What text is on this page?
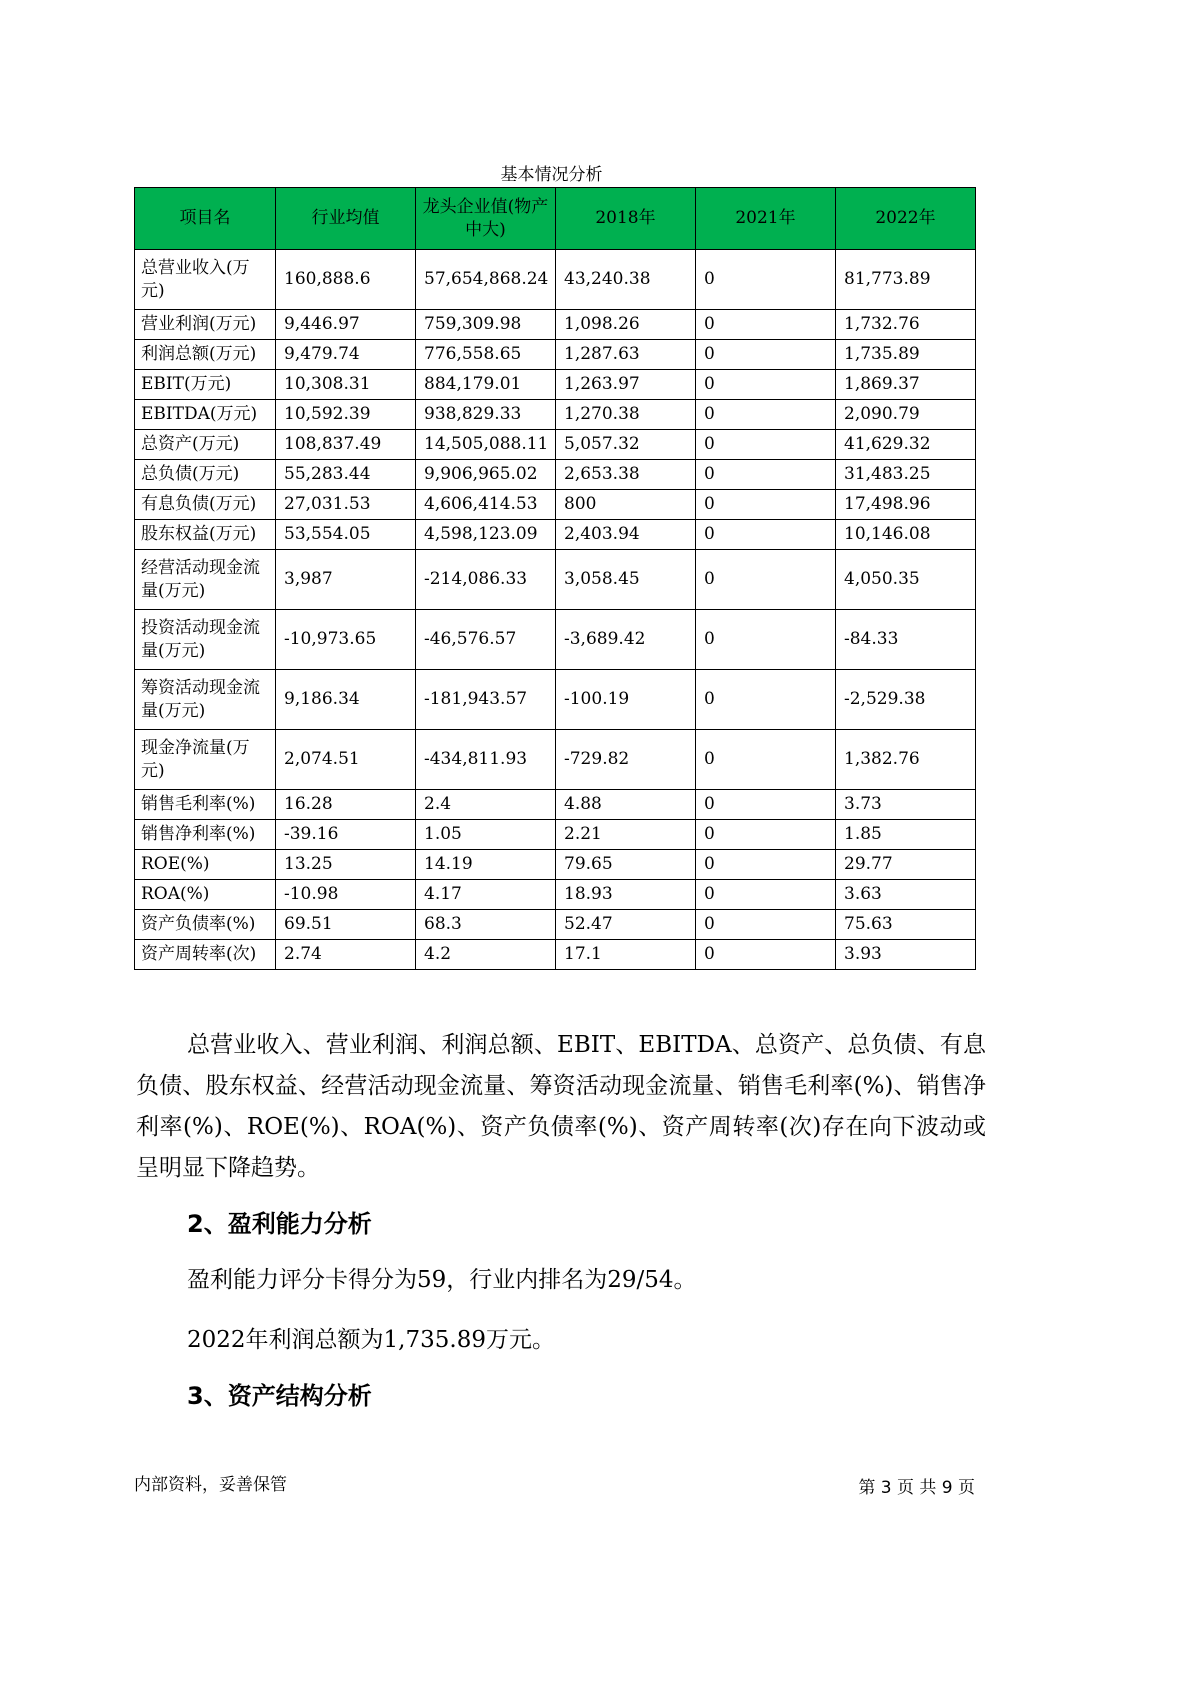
基本情况分析
项目名	行业均值	龙头企业值(物产中大)	2018年	2021年	2022年
总营业收入(万元)	160,888.6	57,654,868.24	43,240.38	0	81,773.89
营业利润(万元)	9,446.97	759,309.98	1,098.26	0	1,732.76
利润总额(万元)	9,479.74	776,558.65	1,287.63	0	1,735.89
EBIT(万元)	10,308.31	884,179.01	1,263.97	0	1,869.37
EBITDA(万元)	10,592.39	938,829.33	1,270.38	0	2,090.79
总资产(万元)	108,837.49	14,505,088.11	5,057.32	0	41,629.32
总负债(万元)	55,283.44	9,906,965.02	2,653.38	0	31,483.25
有息负债(万元)	27,031.53	4,606,414.53	800	0	17,498.96
股东权益(万元)	53,554.05	4,598,123.09	2,403.94	0	10,146.08
经营活动现金流量(万元)	3,987	-214,086.33	3,058.45	0	4,050.35
投资活动现金流量(万元)	-10,973.65	-46,576.57	-3,689.42	0	-84.33
筹资活动现金流量(万元)	9,186.34	-181,943.57	-100.19	0	-2,529.38
现金净流量(万元)	2,074.51	-434,811.93	-729.82	0	1,382.76
销售毛利率(%)	16.28	2.4	4.88	0	3.73
销售净利率(%)	-39.16	1.05	2.21	0	1.85
ROE(%)	13.25	14.19	79.65	0	29.77
ROA(%)	-10.98	4.17	18.93	0	3.63
资产负债率(%)	69.51	68.3	52.47	0	75.63
资产周转率(次)	2.74	4.2	17.1	0	3.93
总营业收入、营业利润、利润总额、EBIT、EBITDA、总资产、总负债、有息负债、股东权益、经营活动现金流量、筹资活动现金流量、销售毛利率(%)、销售净利率(%)、ROE(%)、ROA(%)、资产负债率(%)、资产周转率(次)存在向下波动或呈明显下降趋势。
2、盈利能力分析
盈利能力评分卡得分为59，行业内排名为29/54。
2022年利润总额为1,735.89万元。
3、资产结构分析
内部资料，妥善保管	第 3 页 共 9 页
